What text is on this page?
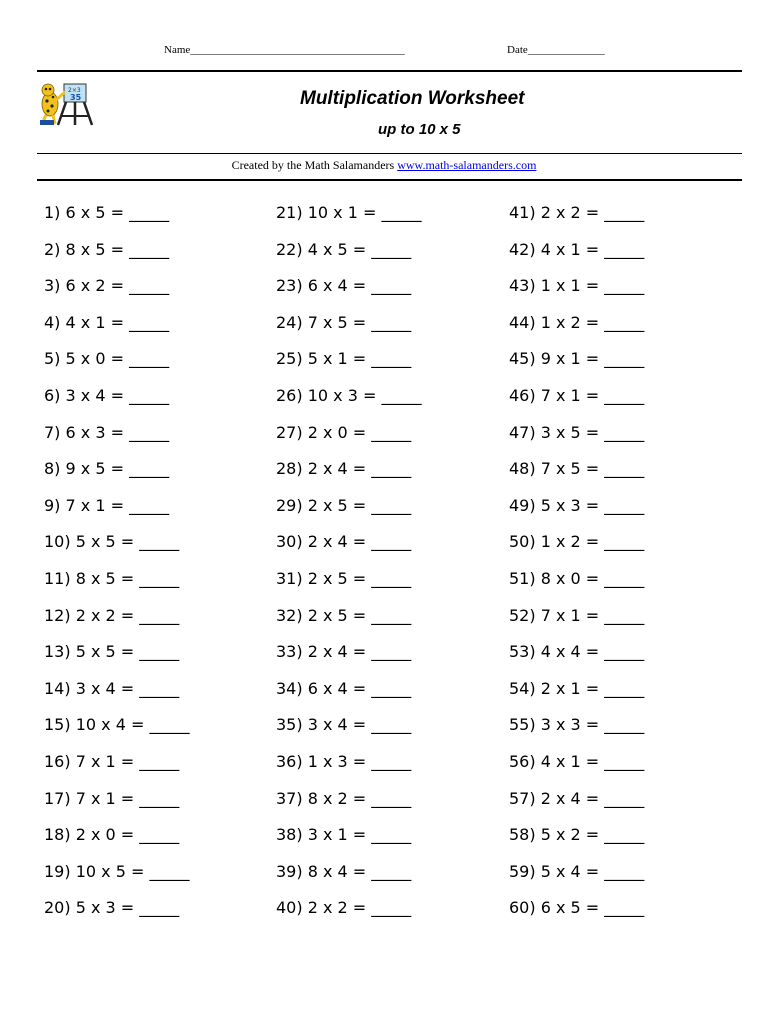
Name_______________________________________	Date______________
2×3
35	Multiplication Worksheet
up to 10 x 5
Created by the Math Salamanders www.math-salamanders.com
1) 6 x 5 = _____
2) 8 x 5 = _____
3) 6 x 2 = _____
4) 4 x 1 = _____
5) 5 x 0 = _____
6) 3 x 4 = _____
7) 6 x 3 = _____
8) 9 x 5 = _____
9) 7 x 1 = _____
10) 5 x 5 = _____
11) 8 x 5 = _____
12) 2 x 2 = _____
13) 5 x 5 = _____
14) 3 x 4 = _____
15) 10 x 4 = _____
16) 7 x 1 = _____
17) 7 x 1 = _____
18) 2 x 0 = _____
19) 10 x 5 = _____
20) 5 x 3 = _____
21) 10 x 1 = _____
22) 4 x 5 = _____
23) 6 x 4 = _____
24) 7 x 5 = _____
25) 5 x 1 = _____
26) 10 x 3 = _____
27) 2 x 0 = _____
28) 2 x 4 = _____
29) 2 x 5 = _____
30) 2 x 4 = _____
31) 2 x 5 = _____
32) 2 x 5 = _____
33) 2 x 4 = _____
34) 6 x 4 = _____
35) 3 x 4 = _____
36) 1 x 3 = _____
37) 8 x 2 = _____
38) 3 x 1 = _____
39) 8 x 4 = _____
40) 2 x 2 = _____
41) 2 x 2 = _____
42) 4 x 1 = _____
43) 1 x 1 = _____
44) 1 x 2 = _____
45) 9 x 1 = _____
46) 7 x 1 = _____
47) 3 x 5 = _____
48) 7 x 5 = _____
49) 5 x 3 = _____
50) 1 x 2 = _____
51) 8 x 0 = _____
52) 7 x 1 = _____
53) 4 x 4 = _____
54) 2 x 1 = _____
55) 3 x 3 = _____
56) 4 x 1 = _____
57) 2 x 4 = _____
58) 5 x 2 = _____
59) 5 x 4 = _____
60) 6 x 5 = _____
